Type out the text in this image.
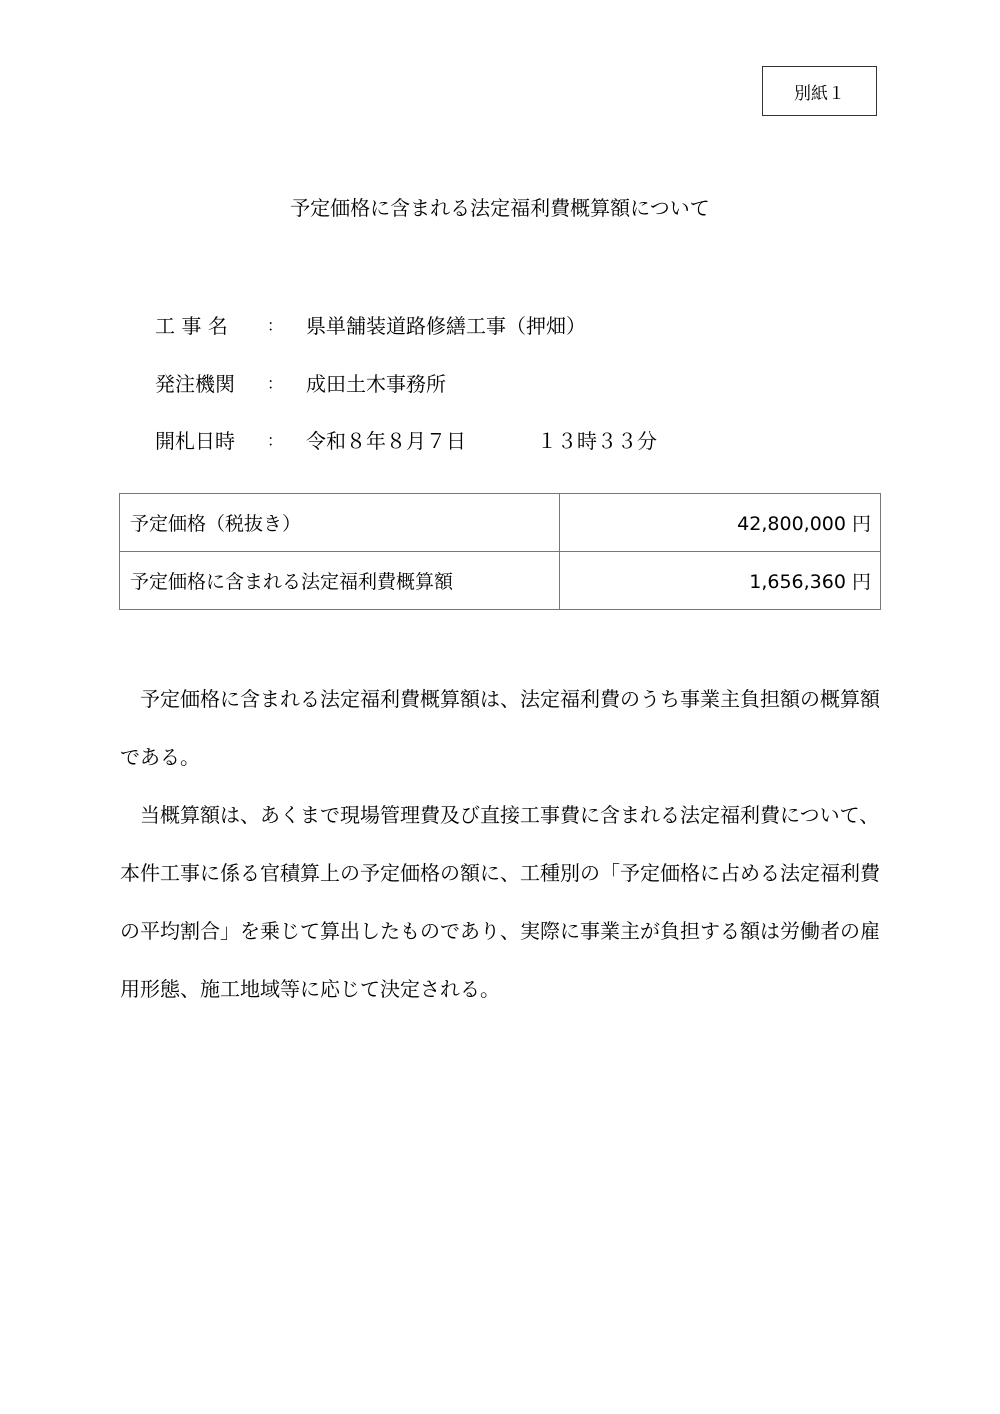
別紙１
予定価格に含まれる法定福利費概算額について
工 事 名	： 県単舗装道路修繕工事（押畑）
発注機関	： 成田土木事務所
開札日時	： 令和８年８月７日	１３時３３分
予定価格（税抜き）	42,800,000 円
予定価格に含まれる法定福利費概算額	1,656,360 円

予定価格に含まれる法定福利費概算額は、法定福利費のうち事業主負担額の概算額である。

当概算額は、あくまで現場管理費及び直接工事費に含まれる法定福利費について、本件工事に係る官積算上の予定価格の額に、工種別の「予定価格に占める法定福利費の平均割合」を乗じて算出したものであり、実際に事業主が負担する額は労働者の雇用形態、施工地域等に応じて決定される。
